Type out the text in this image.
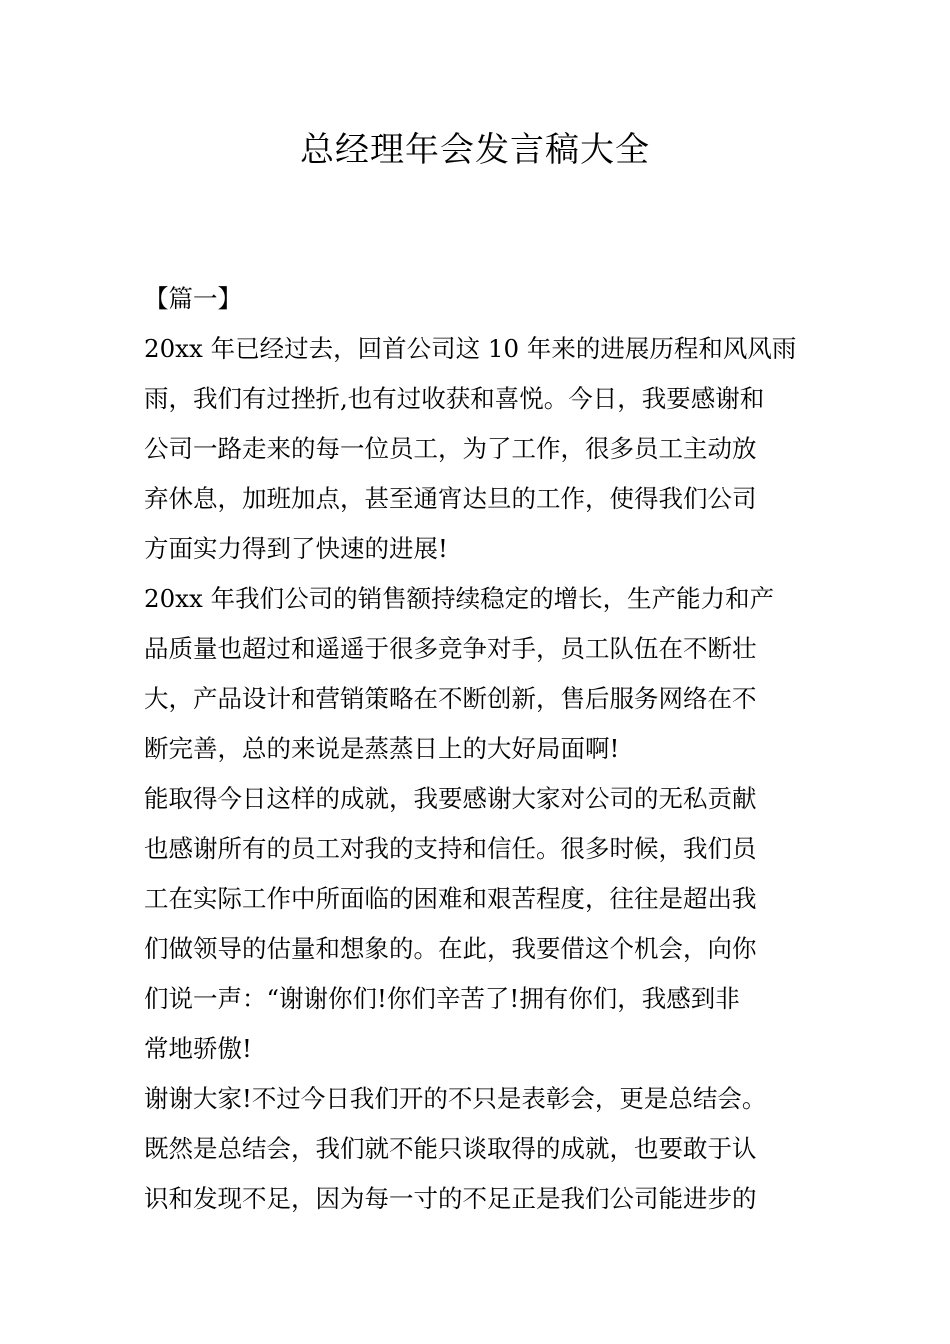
总经理年会发言稿大全
【篇一】
20xx 年已经过去，回首公司这 10 年来的进展历程和风风雨
雨，我们有过挫折,也有过收获和喜悦。今日，我要感谢和
公司一路走来的每一位员工，为了工作，很多员工主动放
弃休息，加班加点，甚至通宵达旦的工作，使得我们公司
方面实力得到了快速的进展!
20xx 年我们公司的销售额持续稳定的增长，生产能力和产
品质量也超过和遥遥于很多竞争对手，员工队伍在不断壮
大，产品设计和营销策略在不断创新，售后服务网络在不
断完善，总的来说是蒸蒸日上的大好局面啊!
能取得今日这样的成就，我要感谢大家对公司的无私贡献
也感谢所有的员工对我的支持和信任。很多时候，我们员
工在实际工作中所面临的困难和艰苦程度，往往是超出我
们做领导的估量和想象的。在此，我要借这个机会，向你
们说一声：“谢谢你们!你们辛苦了!拥有你们，我感到非
常地骄傲!
谢谢大家!不过今日我们开的不只是表彰会，更是总结会。
既然是总结会，我们就不能只谈取得的成就，也要敢于认
识和发现不足，因为每一寸的不足正是我们公司能进步的
